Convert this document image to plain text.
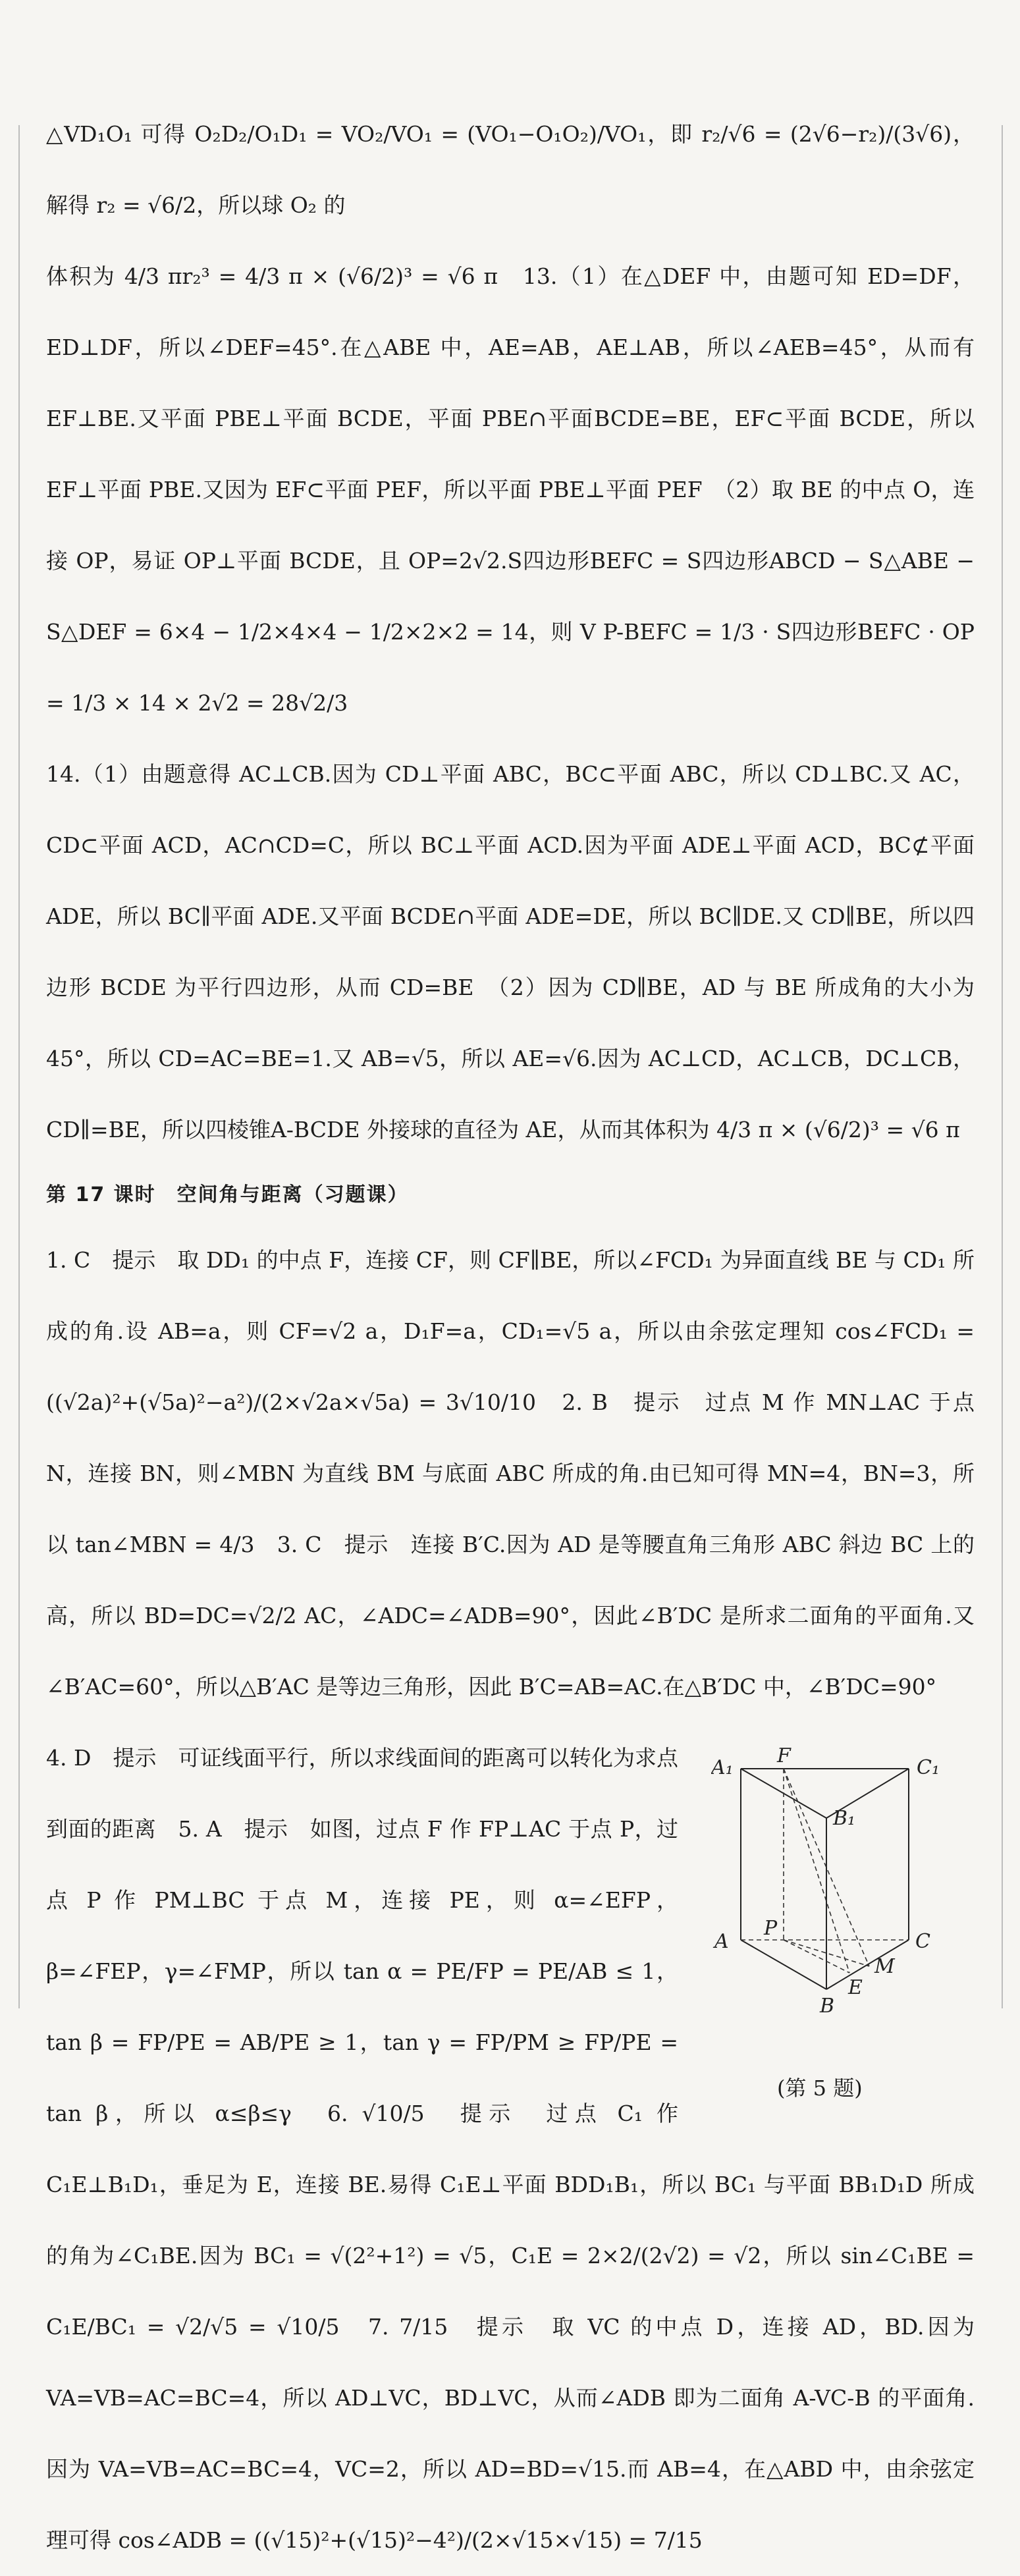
△VD₁O₁ 可得 O₂D₂/O₁D₁ = VO₂/VO₁ = (VO₁−O₁O₂)/VO₁，即 r₂/√6 = (2√6−r₂)/(3√6)，解得 r₂ = √6/2，所以球 O₂ 的

体积为 4/3 πr₂³ = 4/3 π × (√6/2)³ = √6 π　13.（1）在△DEF 中，由题可知 ED=DF，ED⊥DF，所以∠DEF=45°.在△ABE 中，AE=AB，AE⊥AB，所以∠AEB=45°，从而有 EF⊥BE.又平面 PBE⊥平面 BCDE，平面 PBE∩平面BCDE=BE，EF⊂平面 BCDE，所以 EF⊥平面 PBE.又因为 EF⊂平面 PEF，所以平面 PBE⊥平面 PEF　（2）取 BE 的中点 O，连接 OP，易证 OP⊥平面 BCDE，且 OP=2√2.S四边形BEFC = S四边形ABCD − S△ABE − S△DEF = 6×4 − 1/2×4×4 − 1/2×2×2 = 14，则 V P-BEFC = 1/3 · S四边形BEFC · OP = 1/3 × 14 × 2√2 = 28√2/3

14.（1）由题意得 AC⊥CB.因为 CD⊥平面 ABC，BC⊂平面 ABC，所以 CD⊥BC.又 AC，CD⊂平面 ACD，AC∩CD=C，所以 BC⊥平面 ACD.因为平面 ADE⊥平面 ACD，BC⊄平面 ADE，所以 BC∥平面 ADE.又平面 BCDE∩平面 ADE=DE，所以 BC∥DE.又 CD∥BE，所以四边形 BCDE 为平行四边形，从而 CD=BE　（2）因为 CD∥BE，AD 与 BE 所成角的大小为 45°，所以 CD=AC=BE=1.又 AB=√5，所以 AE=√6.因为 AC⊥CD，AC⊥CB，DC⊥CB，CD∥=BE，所以四棱锥A-BCDE 外接球的直径为 AE，从而其体积为 4/3 π × (√6/2)³ = √6 π

第 17 课时　空间角与距离（习题课）

1. C　提示　取 DD₁ 的中点 F，连接 CF，则 CF∥BE，所以∠FCD₁ 为异面直线 BE 与 CD₁ 所成的角.设 AB=a，则 CF=√2 a，D₁F=a，CD₁=√5 a，所以由余弦定理知 cos∠FCD₁ = ((√2a)²+(√5a)²−a²)/(2×√2a×√5a) = 3√10/10　2. B　提示　过点 M 作 MN⊥AC 于点 N，连接 BN，则∠MBN 为直线 BM 与底面 ABC 所成的角.由已知可得 MN=4，BN=3，所以 tan∠MBN = 4/3　3. C　提示　连接 B′C.因为 AD 是等腰直角三角形 ABC 斜边 BC 上的高，所以 BD=DC=√2/2 AC，∠ADC=∠ADB=90°，因此∠B′DC 是所求二面角的平面角.又∠B′AC=60°，所以△B′AC 是等边三角形，因此 B′C=AB=AC.在△B′DC 中，∠B′DC=90°

A₁
F
C₁
B₁
P
A	C
M
E
B
(第 5 题)

4. D　提示　可证线面平行，所以求线面间的距离可以转化为求点到面的距离　5. A　提示　如图，过点 F 作 FP⊥AC 于点 P，过点 P 作 PM⊥BC 于点 M，连接 PE，则 α=∠EFP，β=∠FEP，γ=∠FMP，所以 tan α = PE/FP = PE/AB ≤ 1，tan β = FP/PE = AB/PE ≥ 1，tan γ = FP/PM ≥ FP/PE = tan β，所以 α≤β≤γ　6. √10/5　提示　过点 C₁ 作 C₁E⊥B₁D₁，垂足为 E，连接 BE.易得 C₁E⊥平面 BDD₁B₁，所以 BC₁ 与平面 BB₁D₁D 所成的角为∠C₁BE.因为 BC₁ = √(2²+1²) = √5，C₁E = 2×2/(2√2) = √2，所以 sin∠C₁BE = C₁E/BC₁ = √2/√5 = √10/5　7. 7/15　提示　取 VC 的中点 D，连接 AD，BD.因为 VA=VB=AC=BC=4，所以 AD⊥VC，BD⊥VC，从而∠ADB 即为二面角 A-VC-B 的平面角.因为 VA=VB=AC=BC=4，VC=2，所以 AD=BD=√15.而 AB=4，在△ABD 中，由余弦定理可得 cos∠ADB = ((√15)²+(√15)²−4²)/(2×√15×√15) = 7/15
